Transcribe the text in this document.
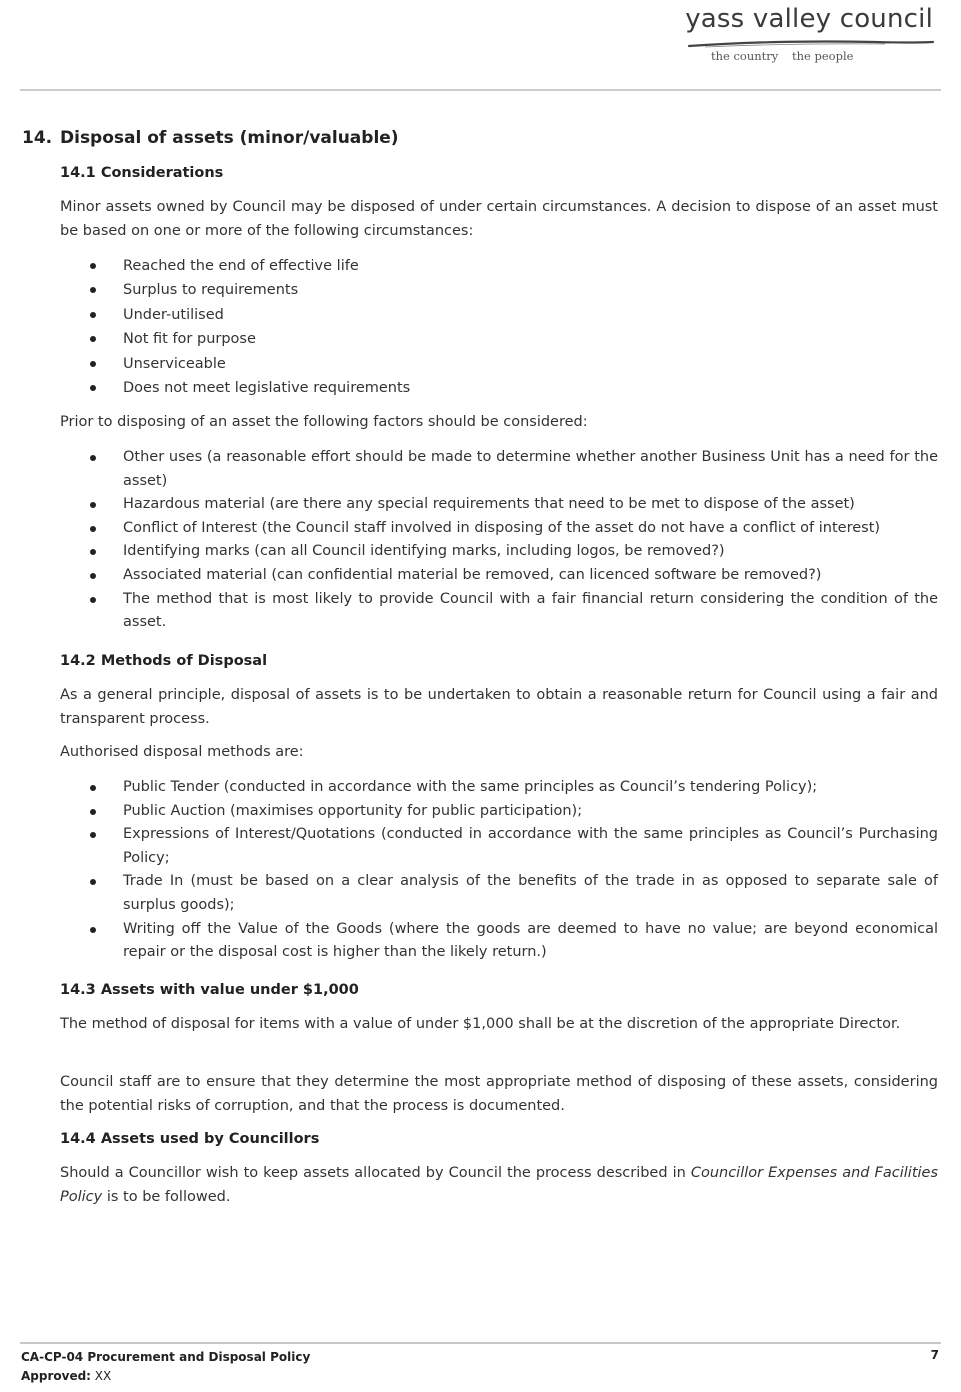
yass valley council
the country the people
14. Disposal of assets (minor/valuable)
14.1 Considerations
Minor assets owned by Council may be disposed of under certain circumstances. A decision to dispose of an asset must be based on one or more of the following circumstances:
Reached the end of effective life
Surplus to requirements
Under-utilised
Not fit for purpose
Unserviceable
Does not meet legislative requirements
Prior to disposing of an asset the following factors should be considered:
Other uses (a reasonable effort should be made to determine whether another Business Unit has a need for the asset)
Hazardous material (are there any special requirements that need to be met to dispose of the asset)
Conflict of Interest (the Council staff involved in disposing of the asset do not have a conflict of interest)
Identifying marks (can all Council identifying marks, including logos, be removed?)
Associated material (can confidential material be removed, can licenced software be removed?)
The method that is most likely to provide Council with a fair financial return considering the condition of the asset.
14.2 Methods of Disposal
As a general principle, disposal of assets is to be undertaken to obtain a reasonable return for Council using a fair and transparent process.
Authorised disposal methods are:
Public Tender (conducted in accordance with the same principles as Council’s tendering Policy);
Public Auction (maximises opportunity for public participation);
Expressions of Interest/Quotations (conducted in accordance with the same principles as Council’s Purchasing Policy;
Trade In (must be based on a clear analysis of the benefits of the trade in as opposed to separate sale of surplus goods);
Writing off the Value of the Goods (where the goods are deemed to have no value; are beyond economical repair or the disposal cost is higher than the likely return.)
14.3 Assets with value under $1,000
The method of disposal for items with a value of under $1,000 shall be at the discretion of the appropriate Director.
Council staff are to ensure that they determine the most appropriate method of disposing of these assets, considering the potential risks of corruption, and that the process is documented.
14.4 Assets used by Councillors
Should a Councillor wish to keep assets allocated by Council the process described in Councillor Expenses and Facilities Policy is to be followed.
CA-CP-04 Procurement and Disposal Policy
Approved: XX
7
